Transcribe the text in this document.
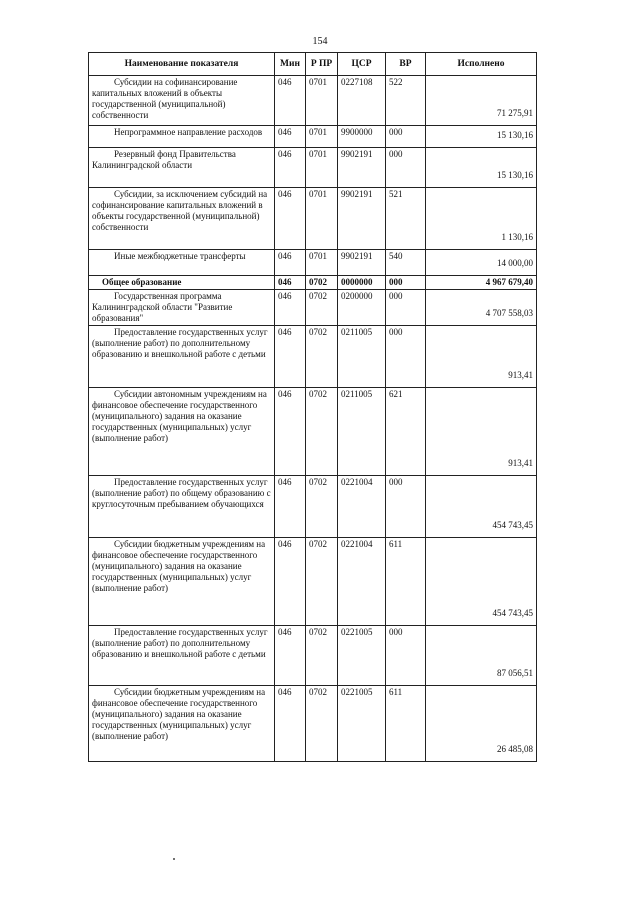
154
Наименование показателя	Мин	Р ПР	ЦСР	ВР	Исполнено

Субсидии на софинансирование капитальных вложений в объекты государственной (муниципальной) собственности	046	0701	0227108	522	71 275,91

Непрограммное направление расходов	046	0701	9900000	000	15 130,16

Резервный фонд Правительства Калининградской области	046	0701	9902191	000	15 130,16

Субсидии, за исключением субсидий на софинансирование капитальных вложений в объекты государственной (муниципальной) собственности	046	0701	9902191	521	1 130,16

Иные межбюджетные трансферты	046	0701	9902191	540	14 000,00

Общее образование	046	0702	0000000	000	4 967 679,40

Государственная программа Калининградской области "Развитие образования"	046	0702	0200000	000	4 707 558,03

Предоставление государственных услуг (выполнение работ) по дополнительному образованию и внешкольной работе с детьми	046	0702	0211005	000	913,41

Субсидии автономным учреждениям на финансовое обеспечение государственного (муниципального) задания на оказание государственных (муниципальных) услуг (выполнение работ)	046	0702	0211005	621	913,41

Предоставление государственных услуг (выполнение работ) по общему образованию с круглосуточным пребыванием обучающихся	046	0702	0221004	000	454 743,45

Субсидии бюджетным учреждениям на финансовое обеспечение государственного (муниципального) задания на оказание государственных (муниципальных) услуг (выполнение работ)	046	0702	0221004	611	454 743,45

Предоставление государственных услуг (выполнение работ) по дополнительному образованию и внешкольной работе с детьми	046	0702	0221005	000	87 056,51

Субсидии бюджетным учреждениям на финансовое обеспечение государственного (муниципального) задания на оказание государственных (муниципальных) услуг (выполнение работ)	046	0702	0221005	611	26 485,08
